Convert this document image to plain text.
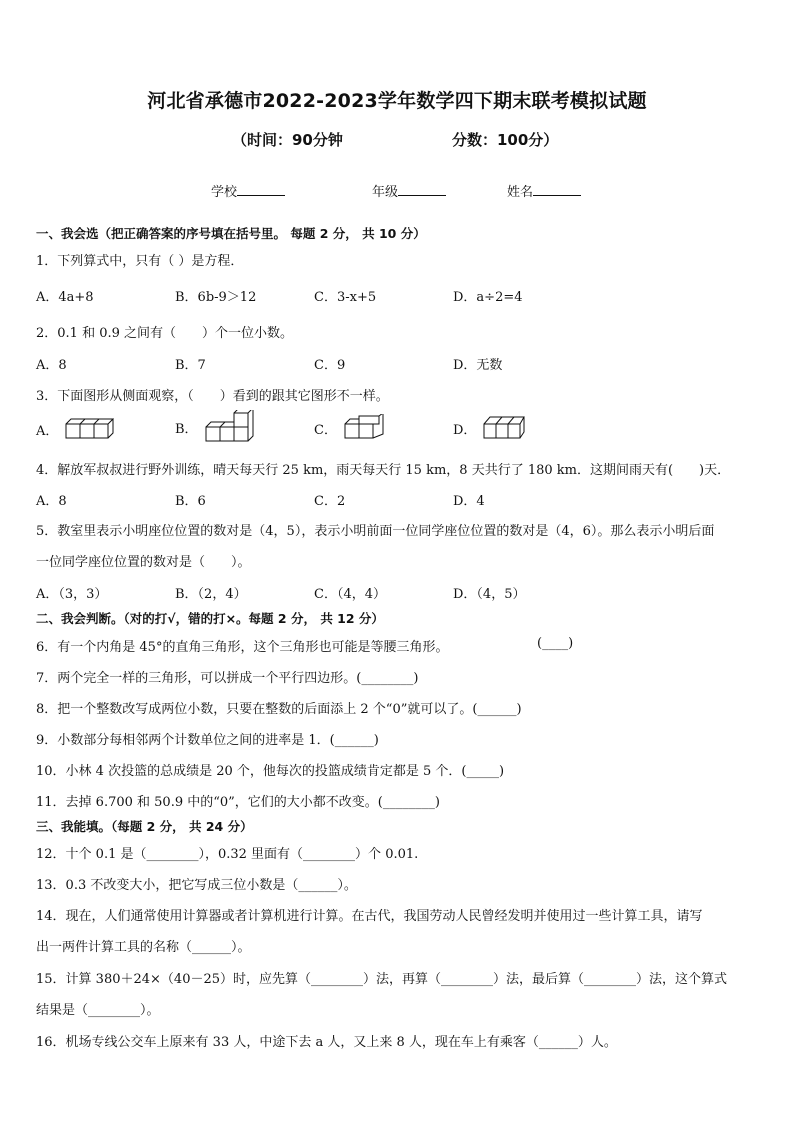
河北省承德市2022-2023学年数学四下期末联考模拟试题
（时间：90分钟	分数：100分）
学校	年级	姓名
一、我会选（把正确答案的序号填在括号里。 每题 2 分， 共 10 分）
1．下列算式中，只有（ ）是方程．
A．4a+8	B．6b-9＞12	C．3-x+5	D．a÷2=4
2．0.1 和 0.9 之间有（　　）个一位小数。
A．8	B．7	C．9	D．无数
3．下面图形从侧面观察，（　　）看到的跟其它图形不一样。
A．	B．	C．	D．
4．解放军叔叔进行野外训练，晴天每天行 25 km，雨天每天行 15 km，8 天共行了 180 km．这期间雨天有(　　)天．
A．8	B．6	C．2	D．4
5．教室里表示小明座位位置的数对是（4，5），表示小明前面一位同学座位位置的数对是（4，6）。那么表示小明后面
一位同学座位位置的数对是（　　）。
A．（3，3）	B．（2，4）	C．（4，4）	D．（4，5）
二、我会判断。（对的打√，错的打×。每题 2 分， 共 12 分）
6．有一个内角是 45°的直角三角形，这个三角形也可能是等腰三角形。	(____)
7．两个完全一样的三角形，可以拼成一个平行四边形。(________)
8．把一个整数改写成两位小数，只要在整数的后面添上 2 个“0”就可以了。(______)
9．小数部分每相邻两个计数单位之间的进率是 1．(______)
10．小林 4 次投篮的总成绩是 20 个，他每次的投篮成绩肯定都是 5 个．(_____)
11．去掉 6.700 和 50.9 中的“0”，它们的大小都不改变。(________)
三、我能填。（每题 2 分， 共 24 分）
12．十个 0.1 是（________），0.32 里面有（________）个 0.01.
13．0.3 不改变大小，把它写成三位小数是（______）。
14．现在，人们通常使用计算器或者计算机进行计算。在古代，我国劳动人民曾经发明并使用过一些计算工具，请写
出一两件计算工具的名称（______）。
15．计算 380＋24×（40－25）时，应先算（________）法，再算（________）法，最后算（________）法，这个算式
结果是（________）。
16．机场专线公交车上原来有 33 人，中途下去 a 人，又上来 8 人，现在车上有乘客（______）人。
